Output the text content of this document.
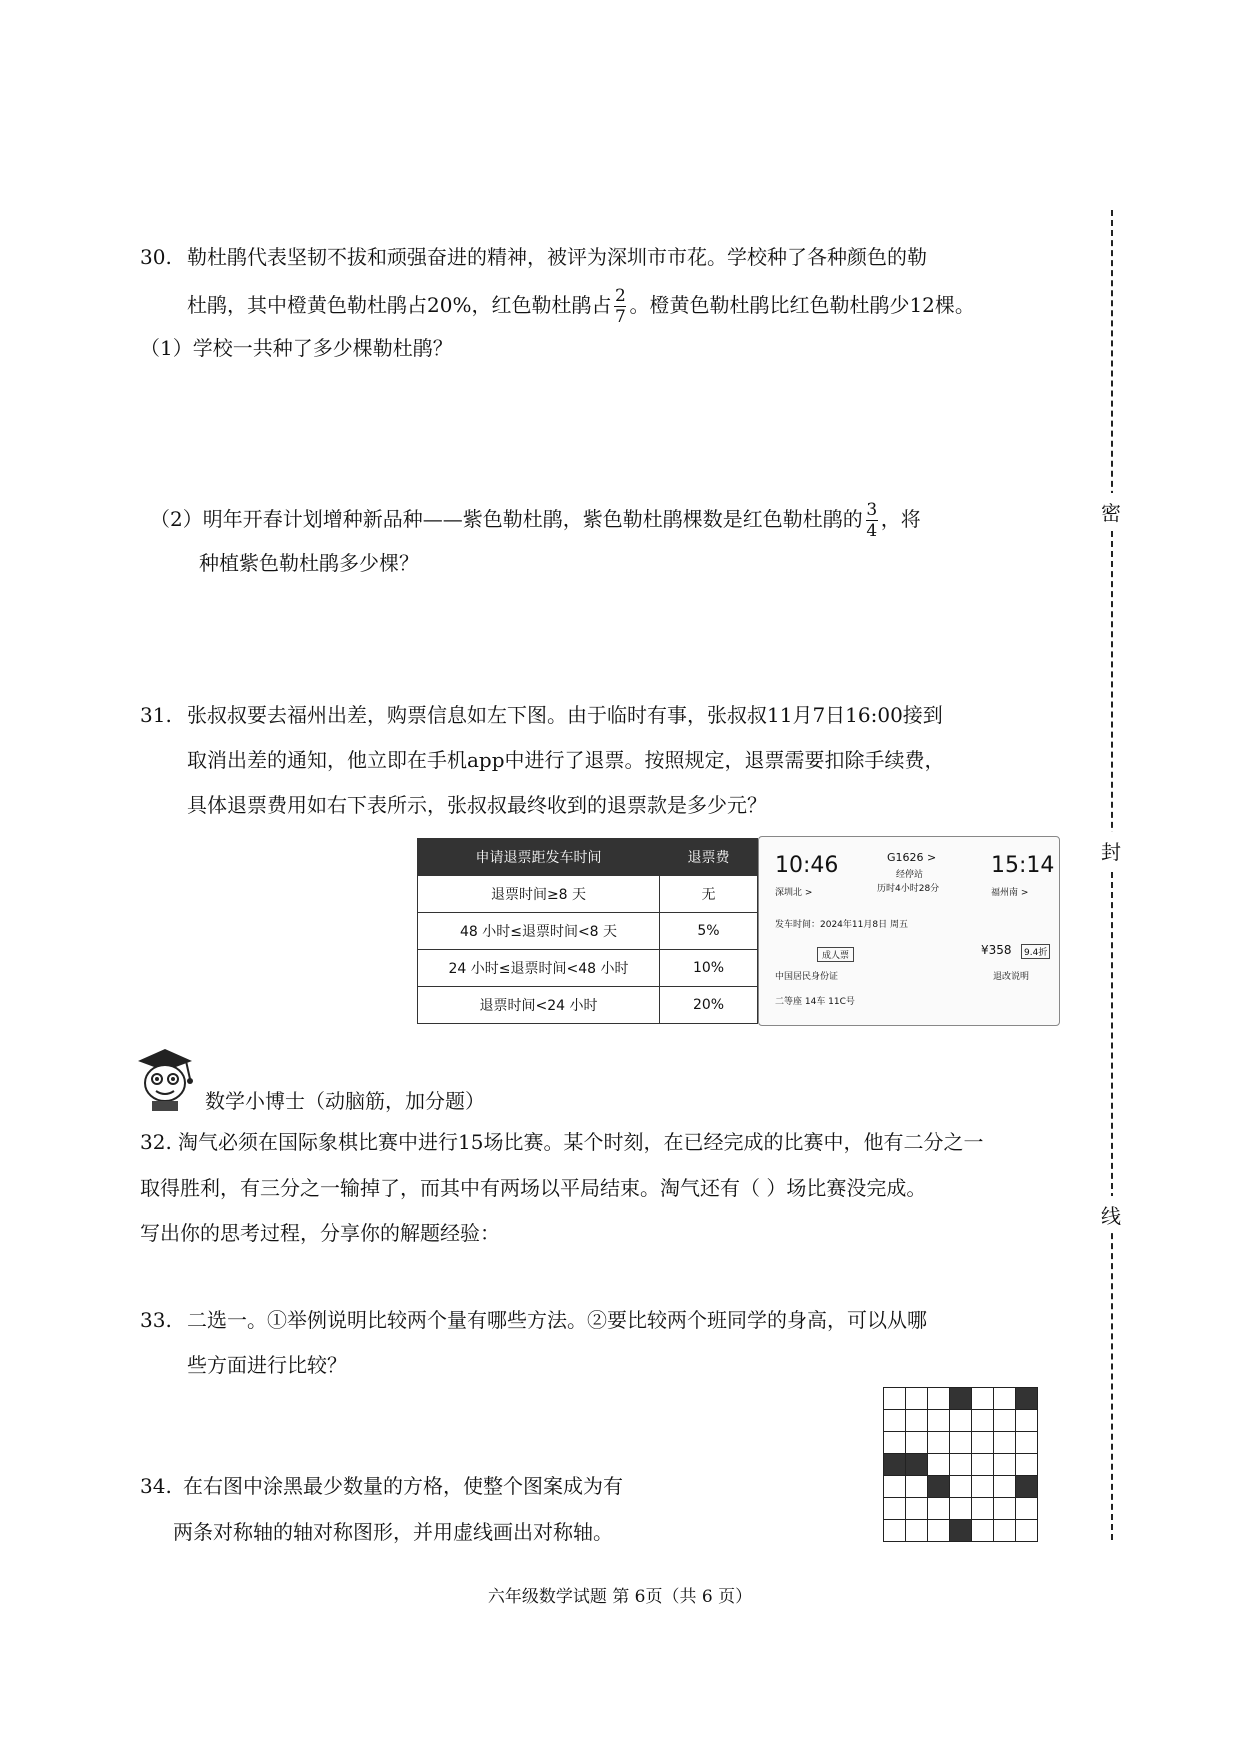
密
封
线
30. 勒杜鹃代表坚韧不拔和顽强奋进的精神，被评为深圳市市花。学校种了各种颜色的勒
杜鹃，其中橙黄色勒杜鹃占20%，红色勒杜鹃占 $\frac{2}{7}$ 。橙黄色勒杜鹃比红色勒杜鹃少12棵。
（1）学校一共种了多少棵勒杜鹃？
（2）明年开春计划增种新品种——紫色勒杜鹃，紫色勒杜鹃棵数是红色勒杜鹃的 $\frac{3}{4}$ ，将
种植紫色勒杜鹃多少棵？
31. 张叔叔要去福州出差，购票信息如左下图。由于临时有事，张叔叔11月7日16:00接到
取消出差的通知，他立即在手机app中进行了退票。按照规定，退票需要扣除手续费，
具体退票费用如右下表所示，张叔叔最终收到的退票款是多少元？
申请退票距发车时间	退票费
退票时间≥8 天	无
48 小时≤退票时间<8 天	5%
24 小时≤退票时间<48 小时	10%
退票时间<24 小时	20%
10:46	G1626 >
经停站	15:14
深圳北 >	历时4小时28分	福州南 >
发车时间：2024年11月8日 周五
成人票	¥358	9.4折
中国居民身份证	退改说明
二等座 14车 11C号
数学小博士（动脑筋，加分题）
32. 淘气必须在国际象棋比赛中进行15场比赛。某个时刻，在已经完成的比赛中，他有二分之一
取得胜利，有三分之一输掉了，而其中有两场以平局结束。淘气还有（ ）场比赛没完成。
写出你的思考过程，分享你的解题经验：
33. 二选一。①举例说明比较两个量有哪些方法。②要比较两个班同学的身高，可以从哪
些方面进行比较？
34. 在右图中涂黑最少数量的方格，使整个图案成为有
两条对称轴的轴对称图形，并用虚线画出对称轴。
六年级数学试题 第 6页（共 6 页）
